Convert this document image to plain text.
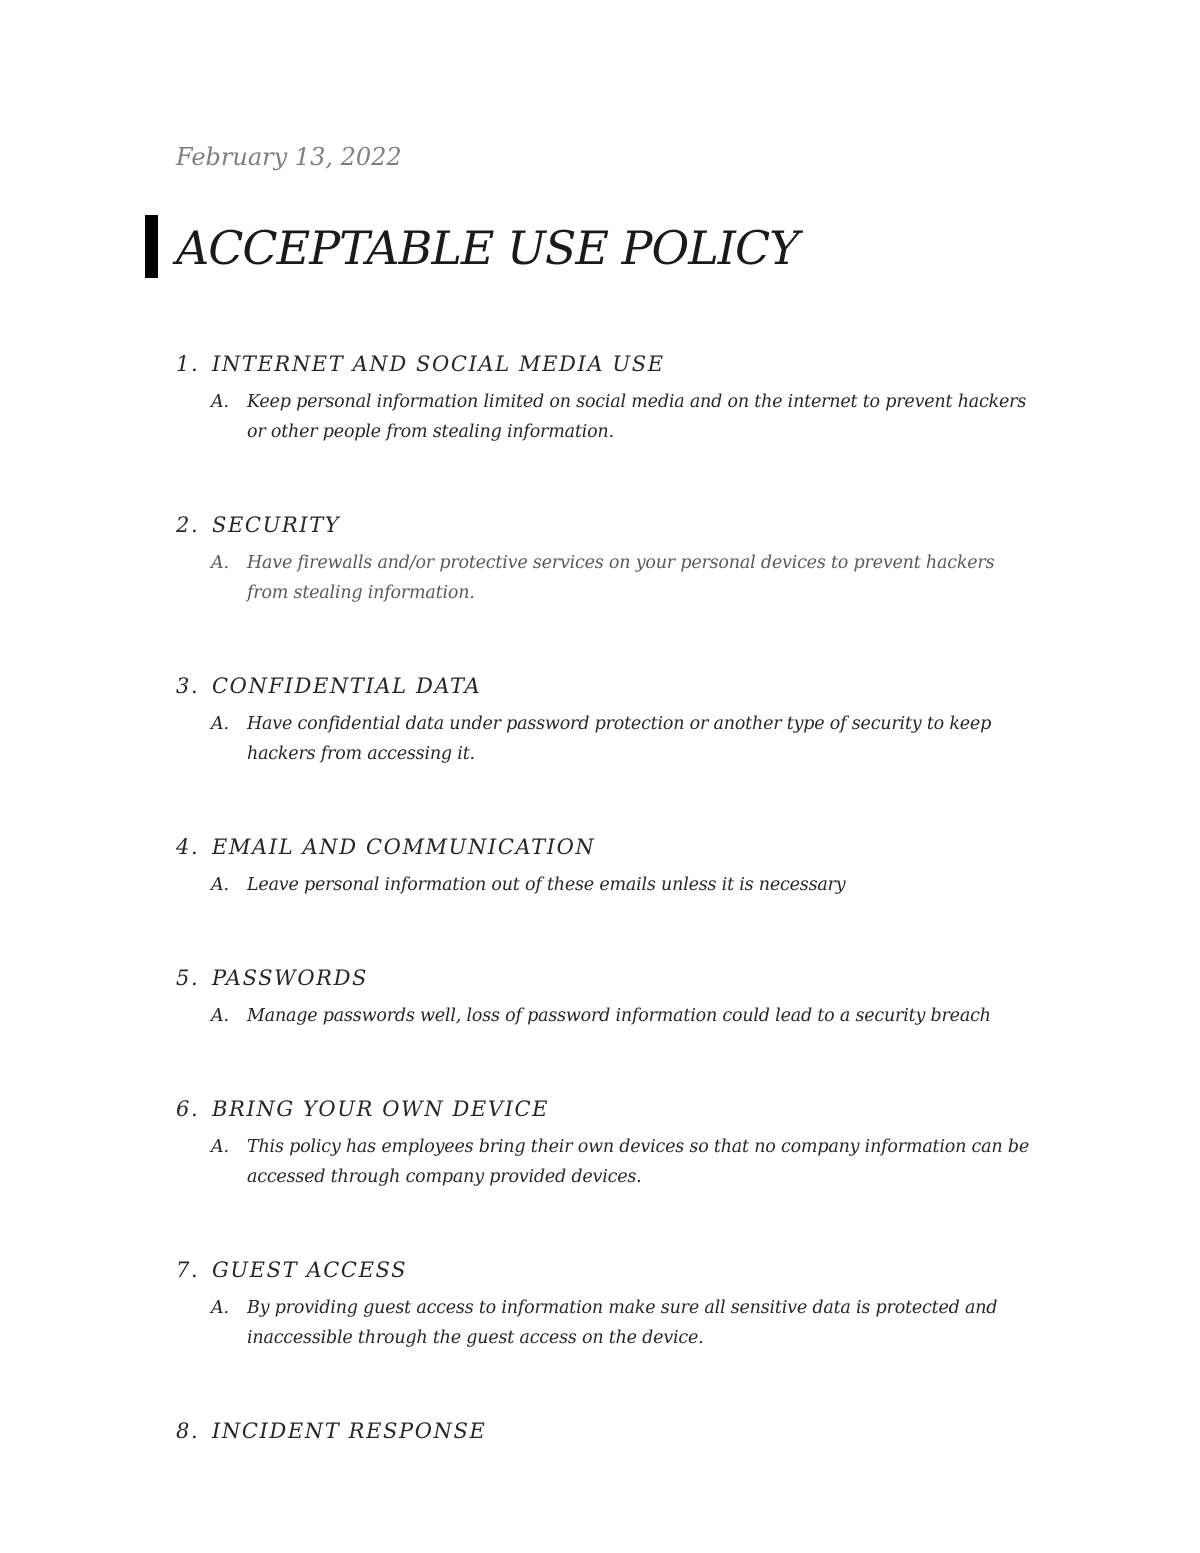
February 13, 2022
ACCEPTABLE USE POLICY
1. INTERNET AND SOCIAL MEDIA USE
A. Keep personal information limited on social media and on the internet to prevent hackers or other people from stealing information.
2. SECURITY
A. Have firewalls and/or protective services on your personal devices to prevent hackers from stealing information.
3. CONFIDENTIAL DATA
A. Have confidential data under password protection or another type of security to keep hackers from accessing it.
4. EMAIL AND COMMUNICATION
A. Leave personal information out of these emails unless it is necessary
5. PASSWORDS
A. Manage passwords well, loss of password information could lead to a security breach
6. BRING YOUR OWN DEVICE
A. This policy has employees bring their own devices so that no company information can be accessed through company provided devices.
7. GUEST ACCESS
A. By providing guest access to information make sure all sensitive data is protected and inaccessible through the guest access on the device.
8. INCIDENT RESPONSE
